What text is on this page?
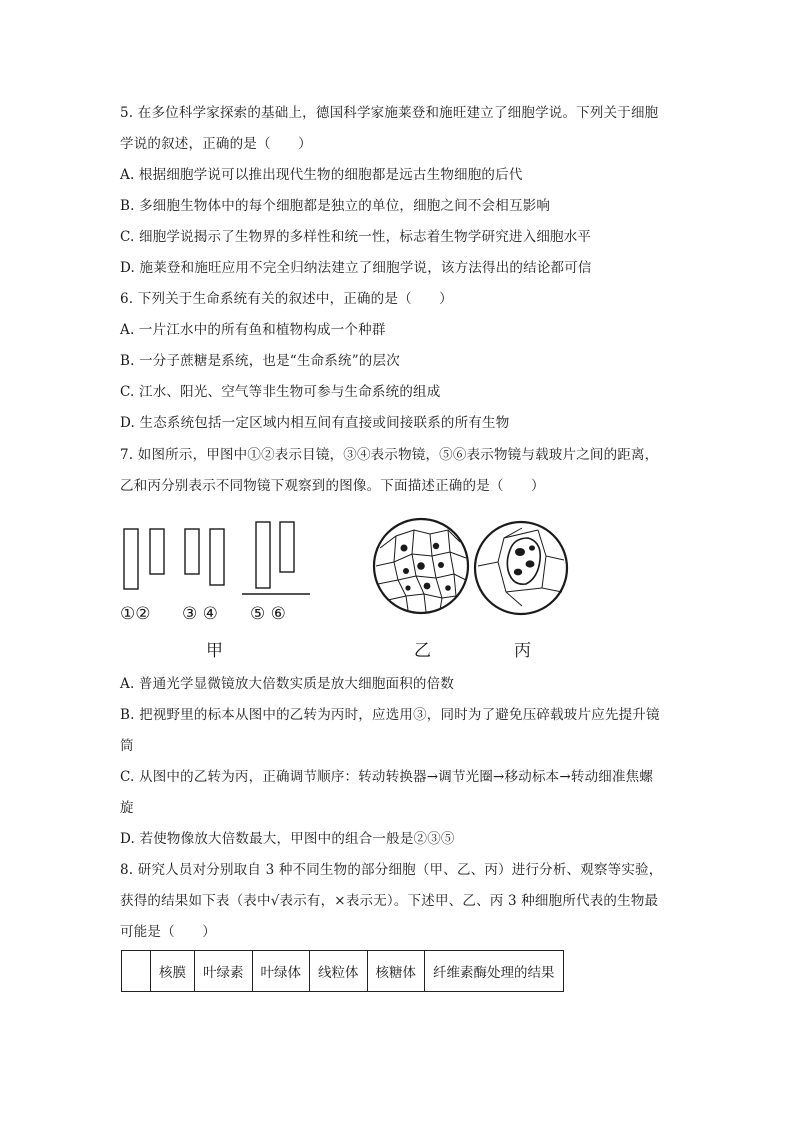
5. 在多位科学家探索的基础上，德国科学家施莱登和施旺建立了细胞学说。下列关于细胞
学说的叙述，正确的是（　　）
A. 根据细胞学说可以推出现代生物的细胞都是远古生物细胞的后代
B. 多细胞生物体中的每个细胞都是独立的单位，细胞之间不会相互影响
C. 细胞学说揭示了生物界的多样性和统一性，标志着生物学研究进入细胞水平
D. 施莱登和施旺应用不完全归纳法建立了细胞学说，该方法得出的结论都可信
6. 下列关于生命系统有关的叙述中，正确的是（　　）
A. 一片江水中的所有鱼和植物构成一个种群
B. 一分子蔗糖是系统，也是“生命系统”的层次
C. 江水、阳光、空气等非生物可参与生命系统的组成
D. 生态系统包括一定区域内相互间有直接或间接联系的所有生物
7. 如图所示，甲图中①②表示目镜，③④表示物镜，⑤⑥表示物镜与载玻片之间的距离，
乙和丙分别表示不同物镜下观察到的图像。下面描述正确的是（　　）
①② ③ ④ ⑤ ⑥
甲	乙	丙
A. 普通光学显微镜放大倍数实质是放大细胞面积的倍数
B. 把视野里的标本从图中的乙转为丙时，应选用③，同时为了避免压碎载玻片应先提升镜
筒
C. 从图中的乙转为丙，正确调节顺序：转动转换器→调节光圈→移动标本→转动细准焦螺
旋
D. 若使物像放大倍数最大，甲图中的组合一般是②③⑤
8. 研究人员对分别取自 3 种不同生物的部分细胞（甲、乙、丙）进行分析、观察等实验，
获得的结果如下表（表中√表示有，×表示无）。下述甲、乙、丙 3 种细胞所代表的生物最
可能是（　　）
	核膜	叶绿素	叶绿体	线粒体	核糖体	纤维素酶处理的结果
